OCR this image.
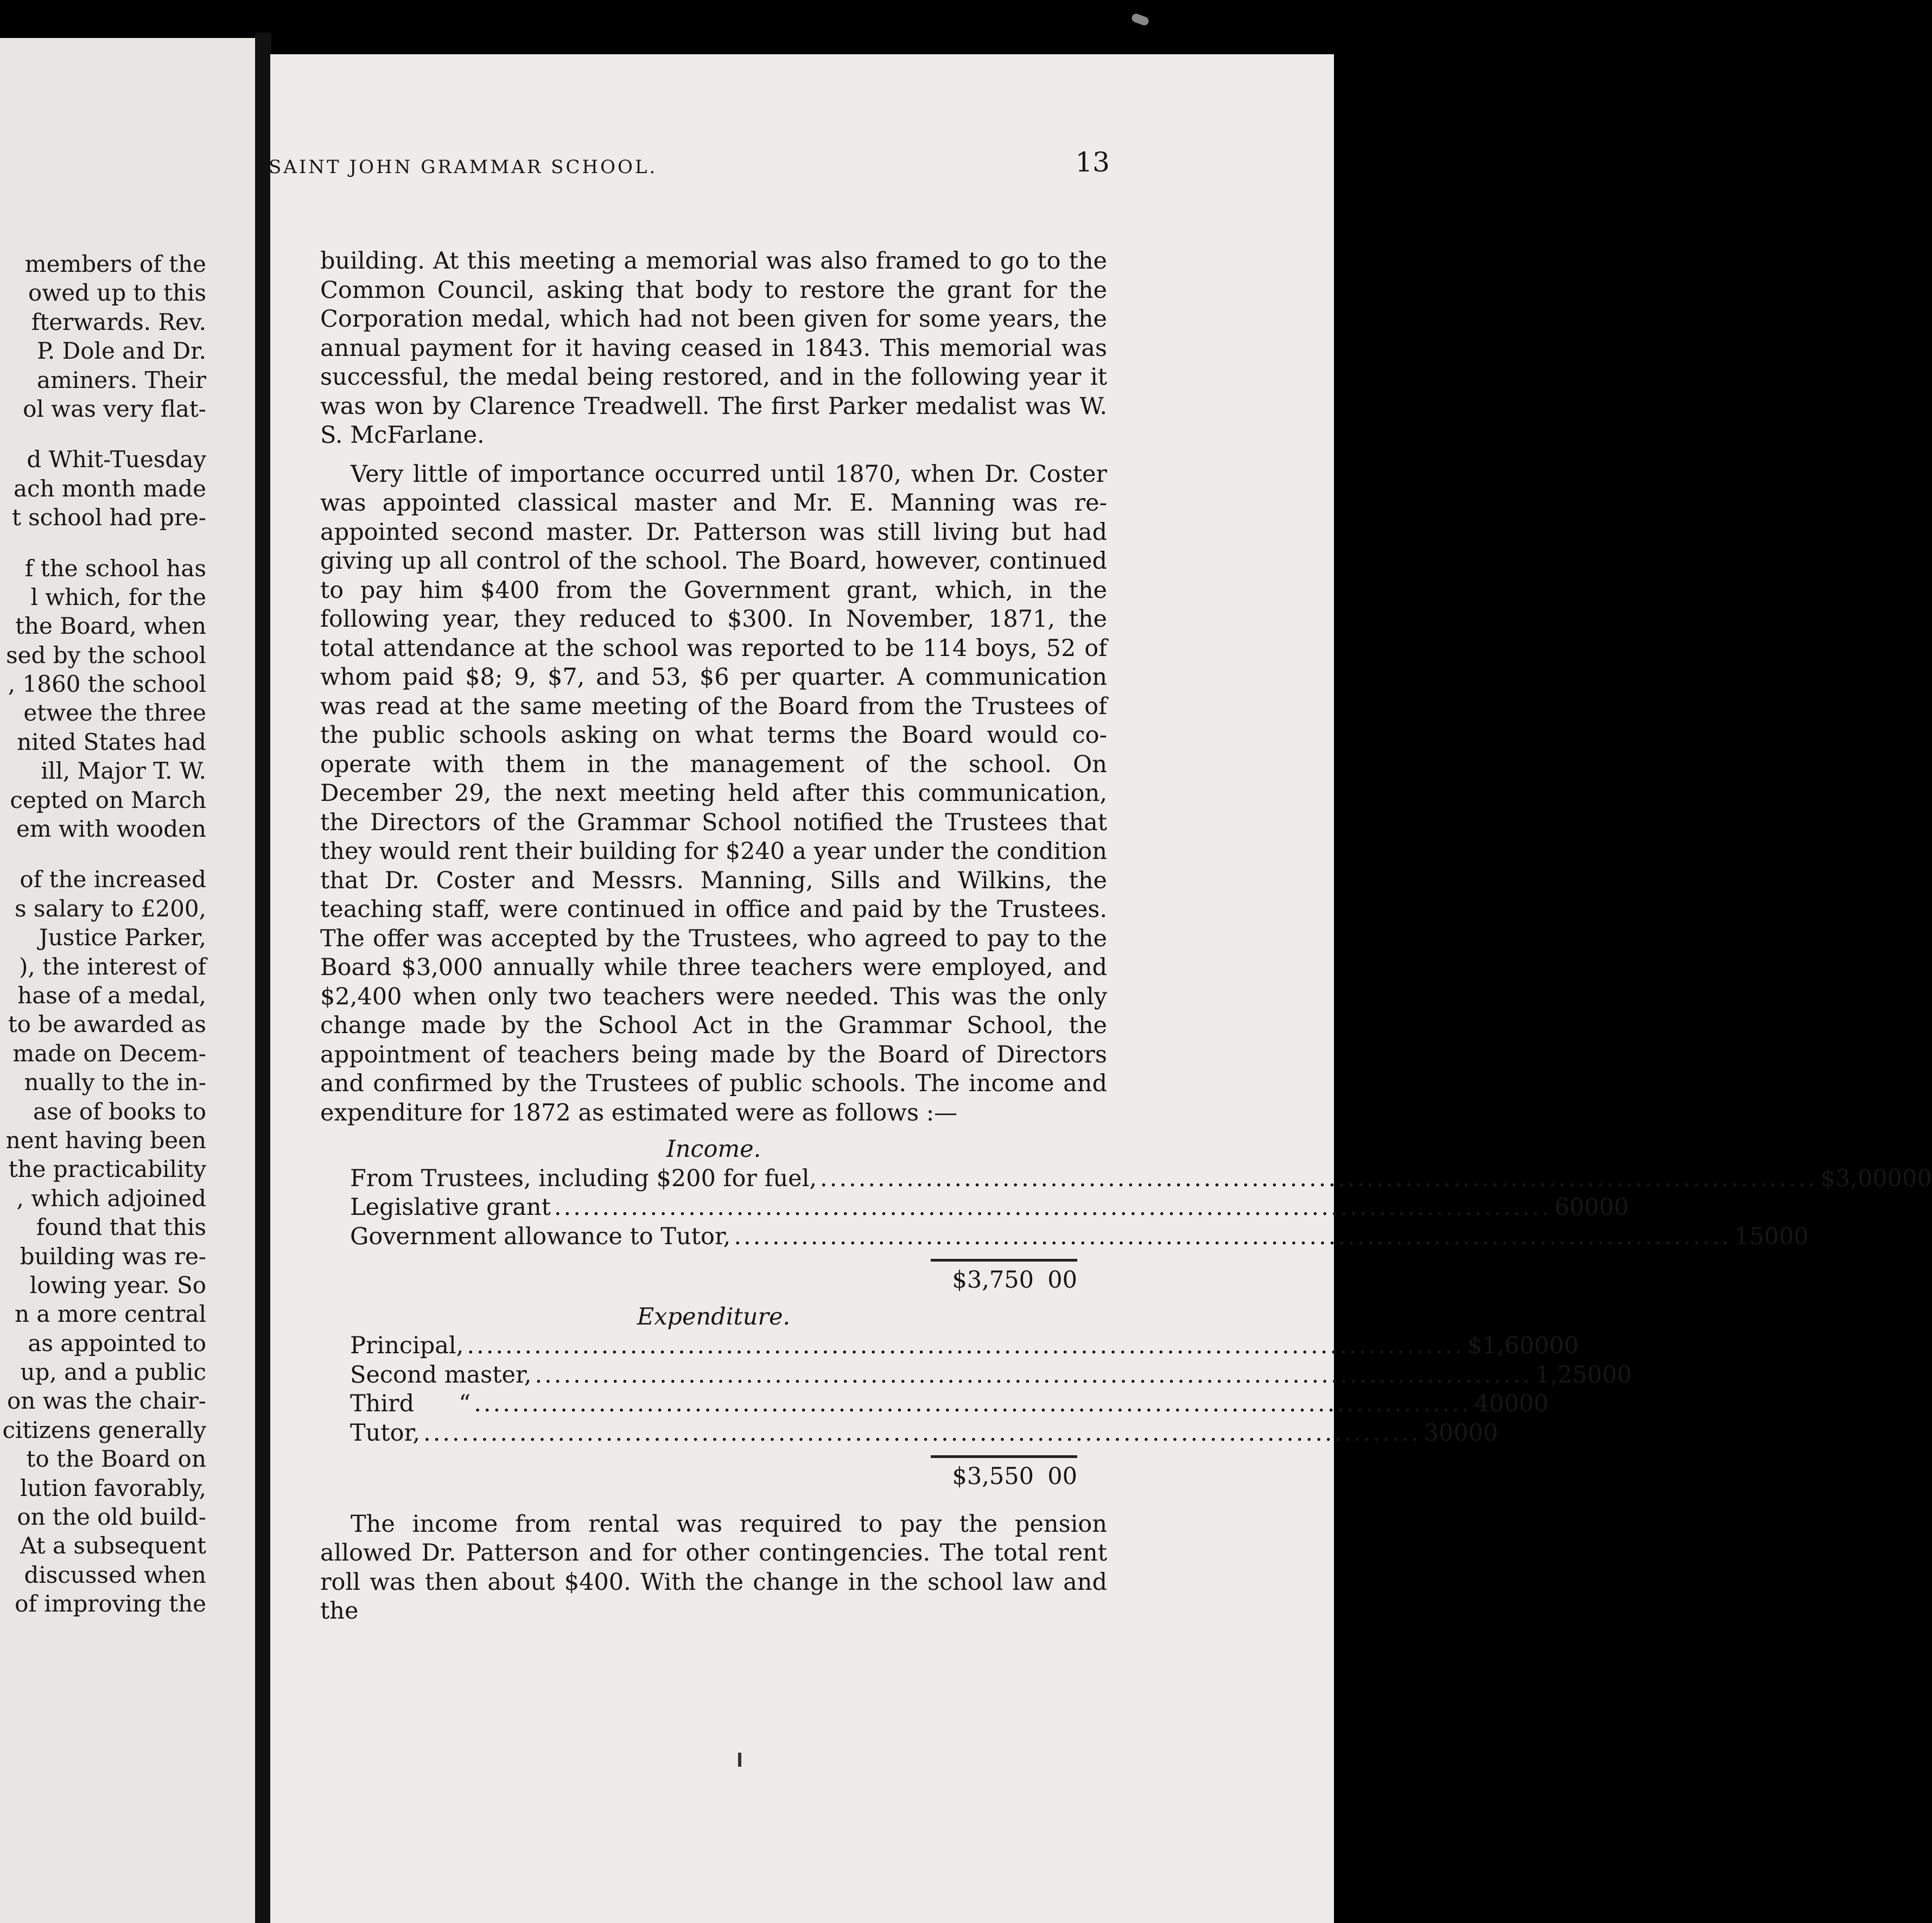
members of the
owed up to this
fterwards. Rev.
P. Dole and Dr.
aminers. Their
ol was very flat-
d Whit-Tuesday
ach month made
t school had pre-
f the school has
l which, for the
the Board, when
sed by the school
, 1860 the school
etwee the three
nited States had
ill, Major T. W.
cepted on March
em with wooden
of the increased
s salary to £200,
Justice Parker,
), the interest of
hase of a medal,
to be awarded as
made on Decem-
nually to the in-
ase of books to
nent having been
the practicability
, which adjoined
found that this
building was re-
lowing year. So
n a more central
as appointed to
up, and a public
on was the chair-
citizens generally
to the Board on
lution favorably,
on the old build-
At a subsequent
discussed when
of improving the
SAINT JOHN GRAMMAR SCHOOL.	13

building. At this meeting a memorial was also framed to go to the Common Council, asking that body to restore the grant for the Corporation medal, which had not been given for some years, the annual payment for it having ceased in 1843. This memorial was successful, the medal being restored, and in the following year it was won by Clarence Treadwell. The first Parker medalist was W. S. McFarlane.

Very little of importance occurred until 1870, when Dr. Coster was appointed classical master and Mr. E. Manning was re-appointed second master. Dr. Patterson was still living but had giving up all control of the school. The Board, however, continued to pay him $400 from the Government grant, which, in the following year, they reduced to $300. In November, 1871, the total attendance at the school was reported to be 114 boys, 52 of whom paid $8; 9, $7, and 53, $6 per quarter. A communication was read at the same meeting of the Board from the Trustees of the public schools asking on what terms the Board would co-operate with them in the management of the school. On December 29, the next meeting held after this communication, the Directors of the Grammar School notified the Trustees that they would rent their building for $240 a year under the condition that Dr. Coster and Messrs. Manning, Sills and Wilkins, the teaching staff, were continued in office and paid by the Trustees. The offer was accepted by the Trustees, who agreed to pay to the Board $3,000 annually while three teachers were employed, and $2,400 when only two teachers were needed. This was the only change made by the School Act in the Grammar School, the appointment of teachers being made by the Board of Directors and confirmed by the Trustees of public schools. The income and expenditure for 1872 as estimated were as follows :—

Income.
From Trustees, including $200 for fuel, ........................................................................................................ $3,000 00
Legislative grant ........................................................................................................ 600 00
Government allowance to Tutor, ........................................................................................................ 150 00
$3,750 00
Expenditure.
Principal, ........................................................................................................ $1,600 00
Second master, ........................................................................................................ 1,250 00
Third      “ ........................................................................................................ 400 00
Tutor, ........................................................................................................ 300 00
$3,550 00

The income from rental was required to pay the pension allowed Dr. Patterson and for other contingencies. The total rent roll was then about $400. With the change in the school law and the
